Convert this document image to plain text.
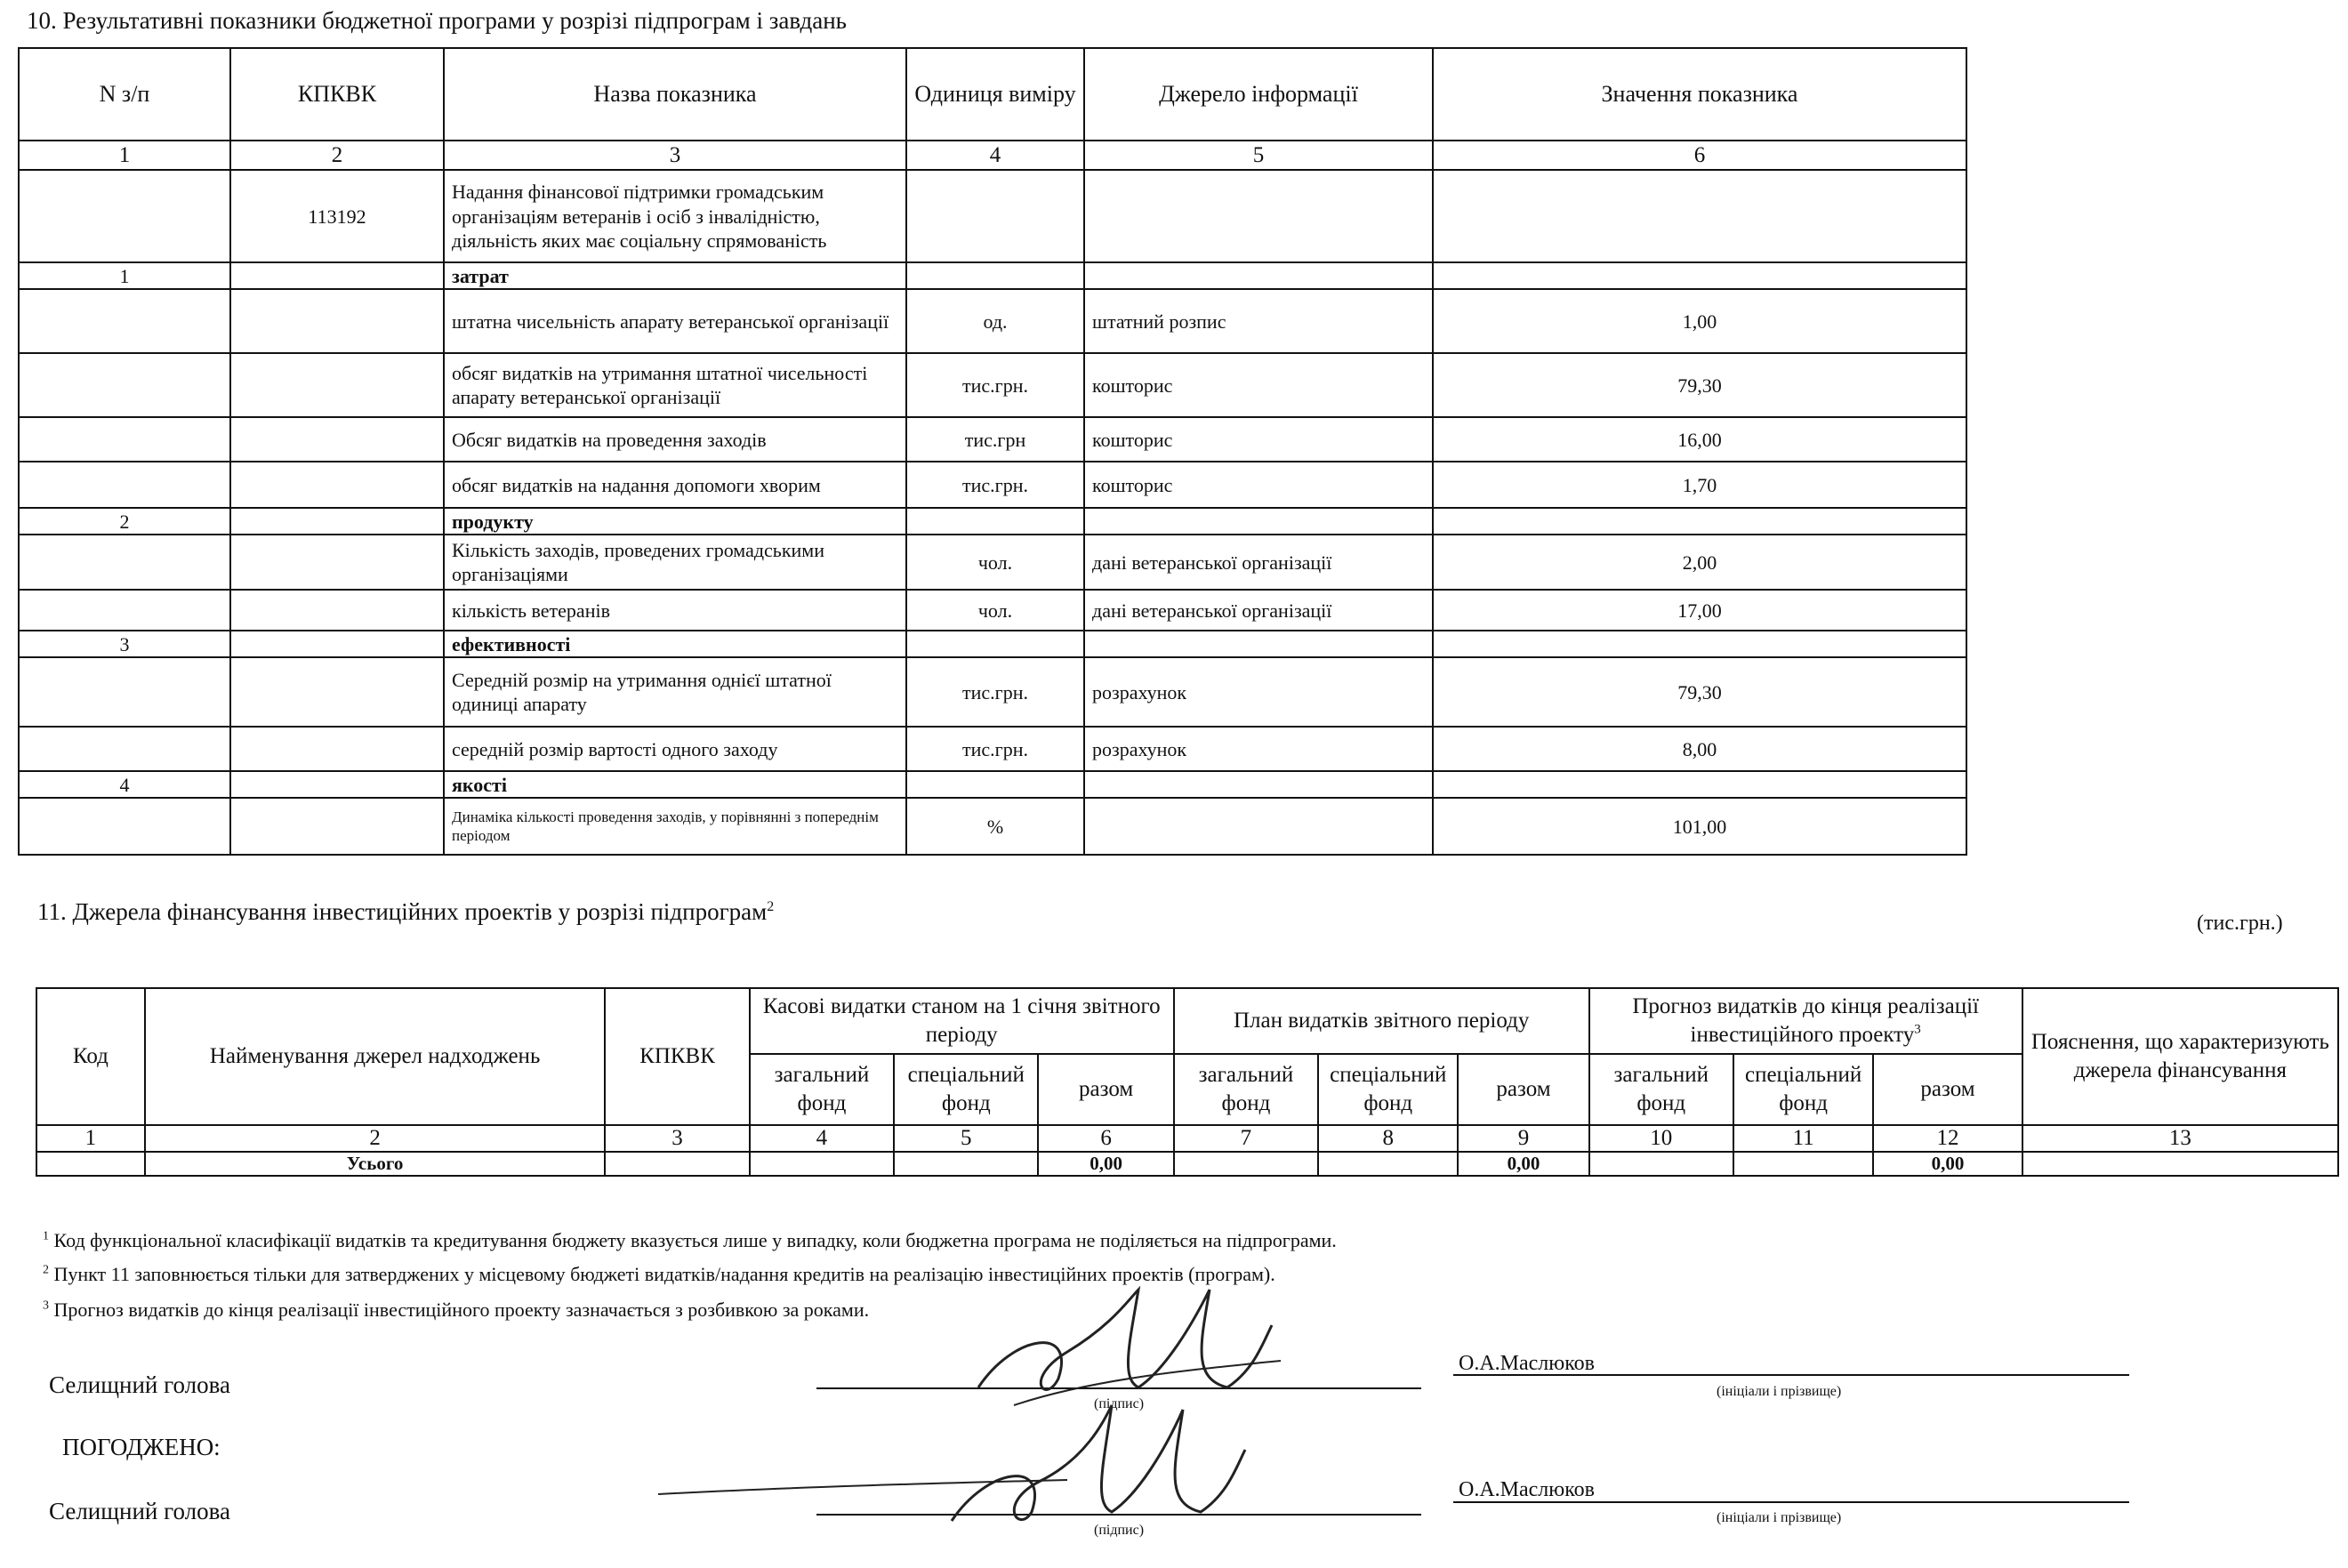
10. Результативні показники бюджетної програми у розрізі підпрограм і завдань
N з/п	КПКВК	Назва показника	Одиниця виміру	Джерело інформації	Значення показника
1	2	3	4	5	6
	113192	Надання фінансової підтримки громадським організаціям ветеранів і осіб з інвалідністю, діяльність яких має соціальну спрямованість			
1		затрат			
		штатна чисельність апарату ветеранської організації	од.	штатний розпис	1,00
		обсяг видатків на утримання штатної чисельності апарату ветеранської організації	тис.грн.	кошторис	79,30
		Обсяг видатків на проведення заходів	тис.грн	кошторис	16,00
		обсяг видатків на надання допомоги хворим	тис.грн.	кошторис	1,70
2		продукту			
		Кількість заходів, проведених громадськими організаціями	чол.	дані ветеранської організації	2,00
		кількість ветеранів	чол.	дані ветеранської організації	17,00
3		ефективності			
		Середній розмір на утримання однієї штатної одиниці апарату	тис.грн.	розрахунок	79,30
		середній розмір вартості одного заходу	тис.грн.	розрахунок	8,00
4		якості			
		Динаміка кількості проведення заходів, у порівнянні з попереднім періодом	%		101,00
11. Джерела фінансування інвестиційних проектів у розрізі підпрограм$^2$
(тис.грн.)
Код	Найменування джерел надходжень	КПКВК	Касові видатки станом на 1 січня звітного періоду			План видатків звітного періоду			Прогноз видатків до кінця реалізації інвестиційного проекту$^3$			Пояснення, що характеризують джерела фінансування
			загальний фонд	спеціальний фонд	разом	загальний фонд	спеціальний фонд	разом	загальний фонд	спеціальний фонд	разом	
1	2	3	4	5	6	7	8	9	10	11	12	13
	Усього				0,00			0,00			0,00	
$^1$ Код функціональної класифікації видатків та кредитування бюджету вказується лише у випадку, коли бюджетна програма не поділяється на підпрограми.
$^2$ Пункт 11 заповнюється тільки для затверджених у місцевому бюджеті видатків/надання кредитів на реалізацію інвестиційних проектів (програм).
$^3$ Прогноз видатків до кінця реалізації інвестиційного проекту зазначається з розбивкою за роками.
Селищний голова
(підпис)
О.А.Маслюков
(ініціали і прізвище)
ПОГОДЖЕНО:
Селищний голова
(підпис)
О.А.Маслюков
(ініціали і прізвище)
